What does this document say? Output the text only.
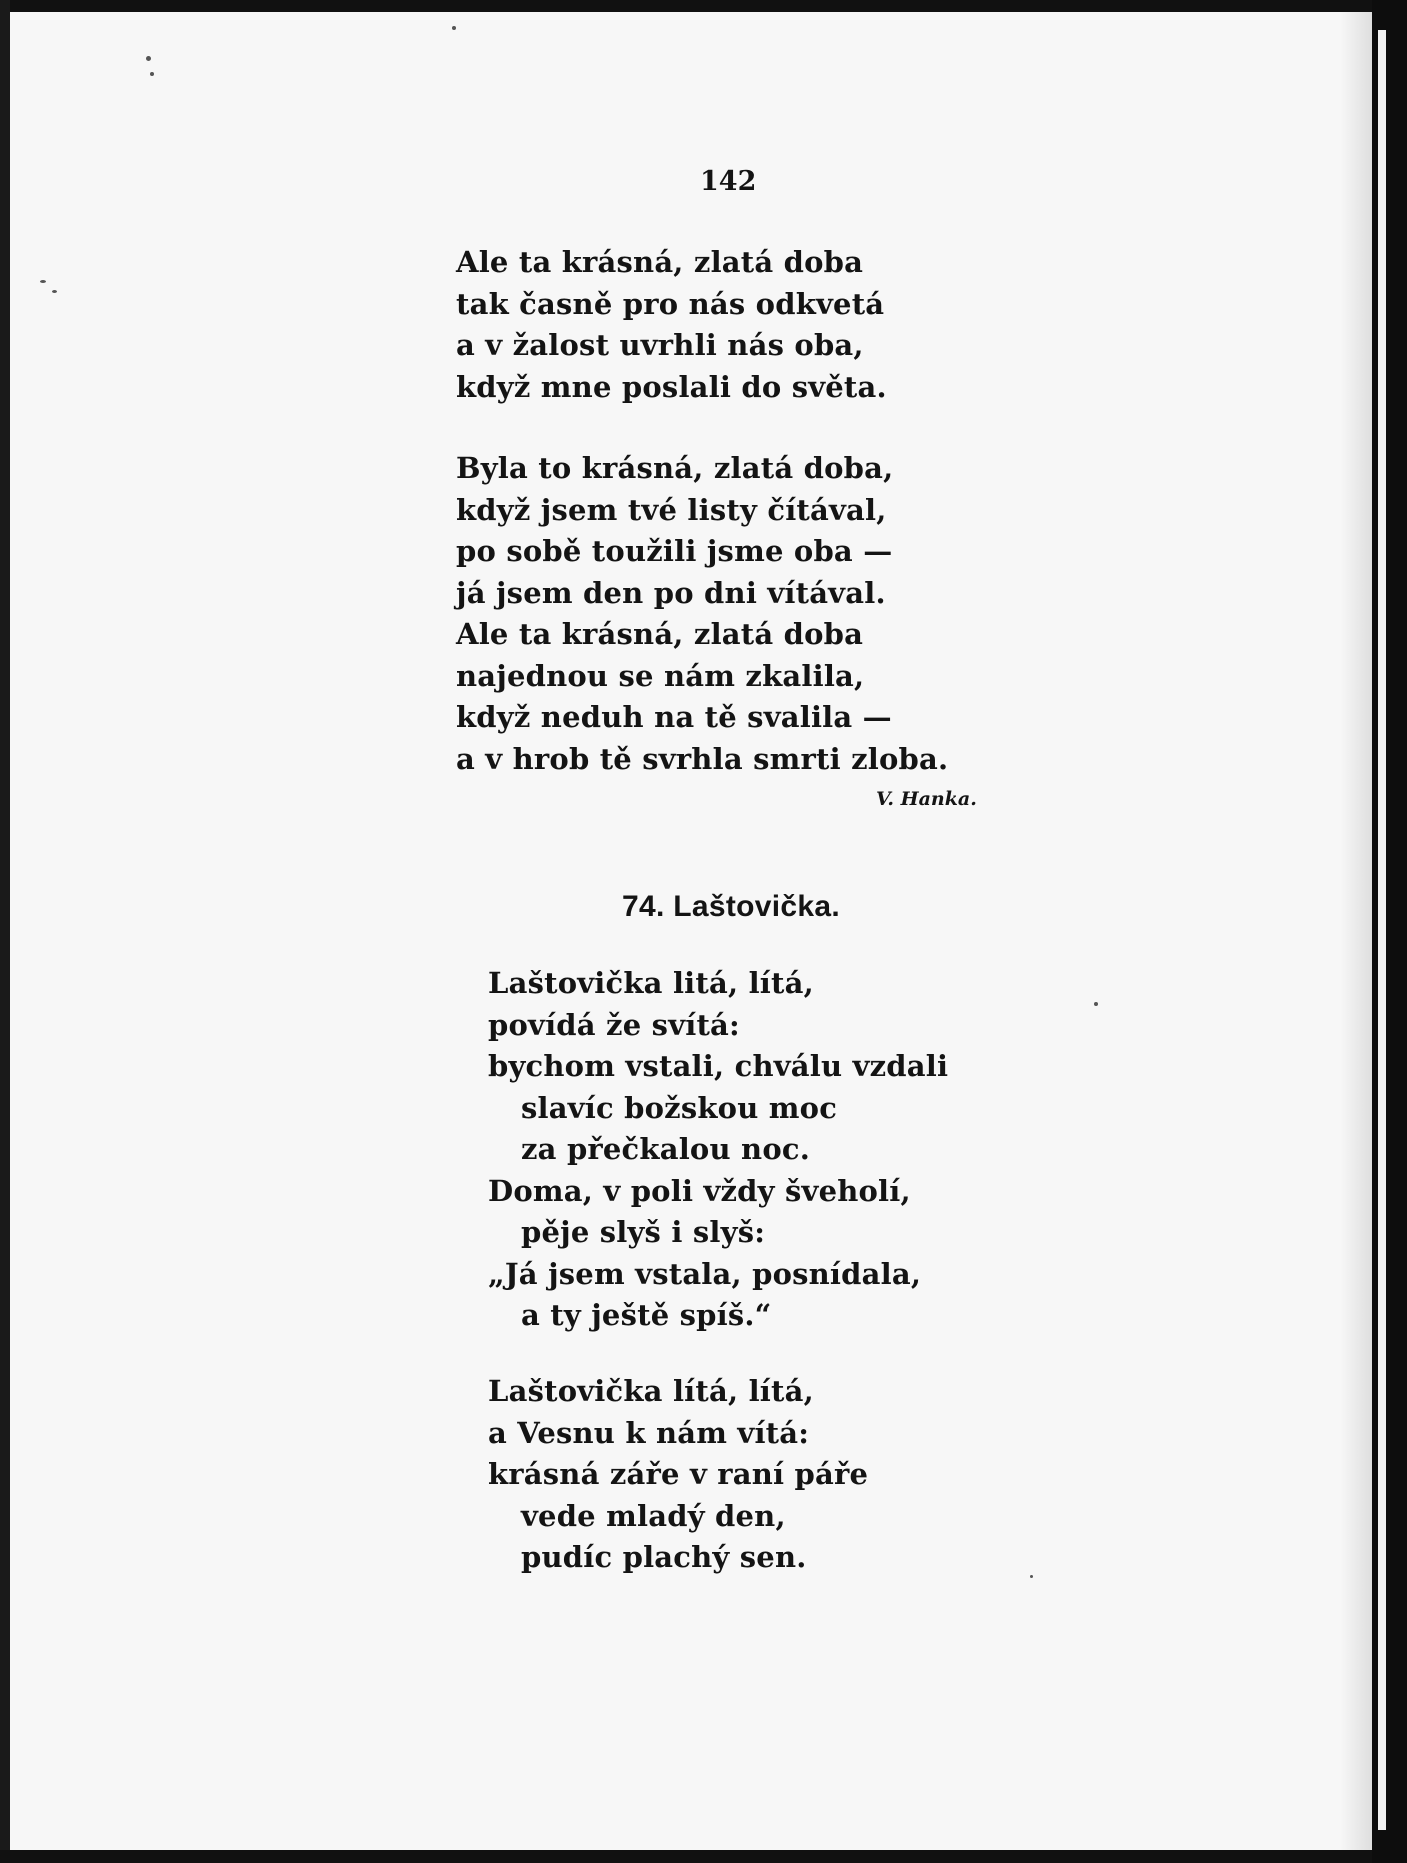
142
Ale ta krásná, zlatá doba
tak časně pro nás odkvetá
a v žalost uvrhli nás oba,
když mne poslali do světa.
Byla to krásná, zlatá doba,
když jsem tvé listy čítával,
po sobě toužili jsme oba —
já jsem den po dni vítával.
Ale ta krásná, zlatá doba
najednou se nám zkalila,
když neduh na tě svalila —
a v hrob tě svrhla smrti zloba.
V. Hanka.
74. Laštovička.
Laštovička litá, lítá,
povídá že svítá:
bychom vstali, chválu vzdali
slavíc božskou moc
za přečkalou noc.
Doma, v poli vždy šveholí,
pěje slyš i slyš:
„Já jsem vstala, posnídala,
a ty ještě spíš.“
Laštovička lítá, lítá,
a Vesnu k nám vítá:
krásná záře v raní páře
vede mladý den,
pudíc plachý sen.
